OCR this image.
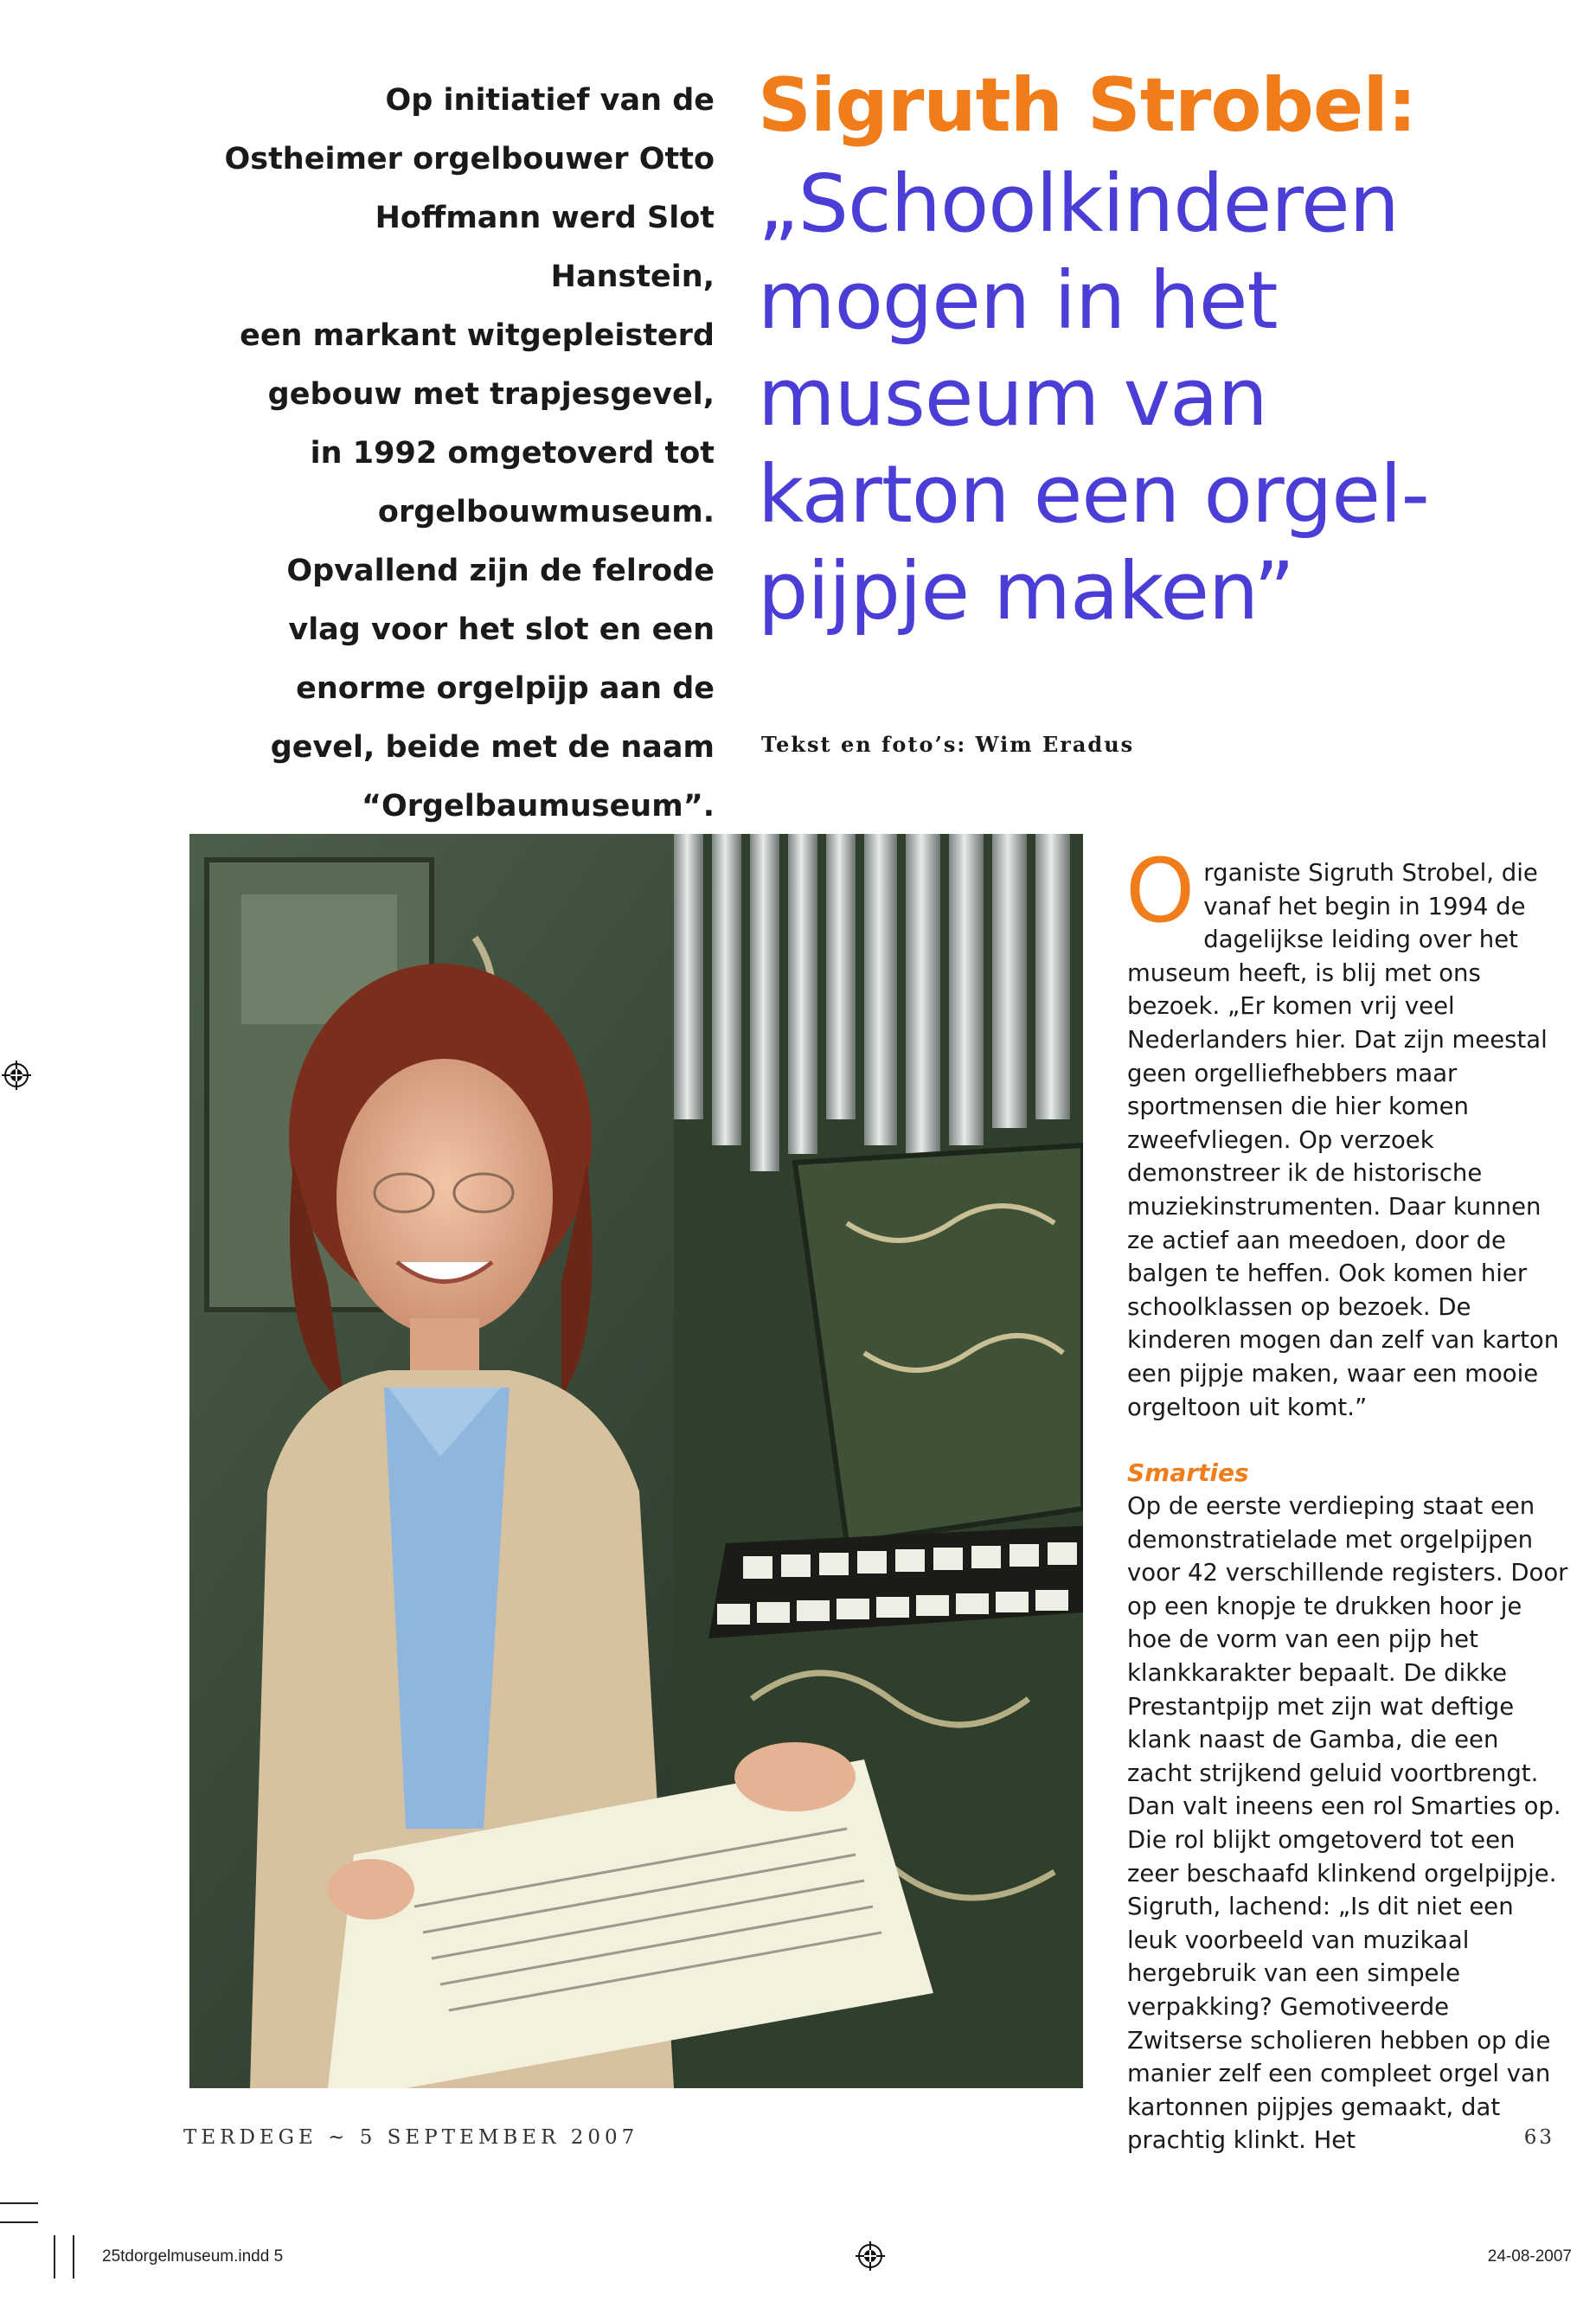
Op initiatief van de
Ostheimer orgelbouwer Otto
Hoffmann werd Slot Hanstein,
een markant witgepleisterd
gebouw met trapjesgevel,
in 1992 omgetoverd tot
orgelbouwmuseum.
Opvallend zijn de felrode
vlag voor het slot en een
enorme orgelpijp aan de
gevel, beide met de naam
“Orgelbaumuseum”.
Sigruth Strobel:
„Schoolkinderen
mogen in het
museum van
karton een orgel-
pijpje maken”
Tekst en foto’s: Wim Eradus

Organiste Sigruth Strobel, die vanaf het begin in 1994 de dagelijkse leiding over het museum heeft, is blij met ons bezoek. „Er komen vrij veel Nederlanders hier. Dat zijn meestal geen orgelliefhebbers maar sportmensen die hier komen zweefvliegen. Op verzoek demonstreer ik de historische muziekinstrumenten. Daar kunnen ze actief aan meedoen, door de balgen te heffen. Ook komen hier schoolklassen op bezoek. De kinderen mogen dan zelf van karton een pijpje maken, waar een mooie orgeltoon uit komt.”

Smarties

Op de eerste verdieping staat een demonstratielade met orgelpijpen voor 42 verschillende registers. Door op een knopje te drukken hoor je hoe de vorm van een pijp het klankkarakter bepaalt. De dikke Prestantpijp met zijn wat deftige klank naast de Gamba, die een zacht strijkend geluid voortbrengt. Dan valt ineens een rol Smarties op. Die rol blijkt omgetoverd tot een zeer beschaafd klinkend orgelpijpje. Sigruth, lachend: „Is dit niet een leuk voorbeeld van muzikaal hergebruik van een simpele verpakking? Gemotiveerde Zwitserse scholieren hebben op die manier zelf een compleet orgel van kartonnen pijpjes gemaakt, dat prachtig klinkt. Het

TERDEGE ~ 5 SEPTEMBER 2007	63
25tdorgelmuseum.indd 5	24-08-2007
